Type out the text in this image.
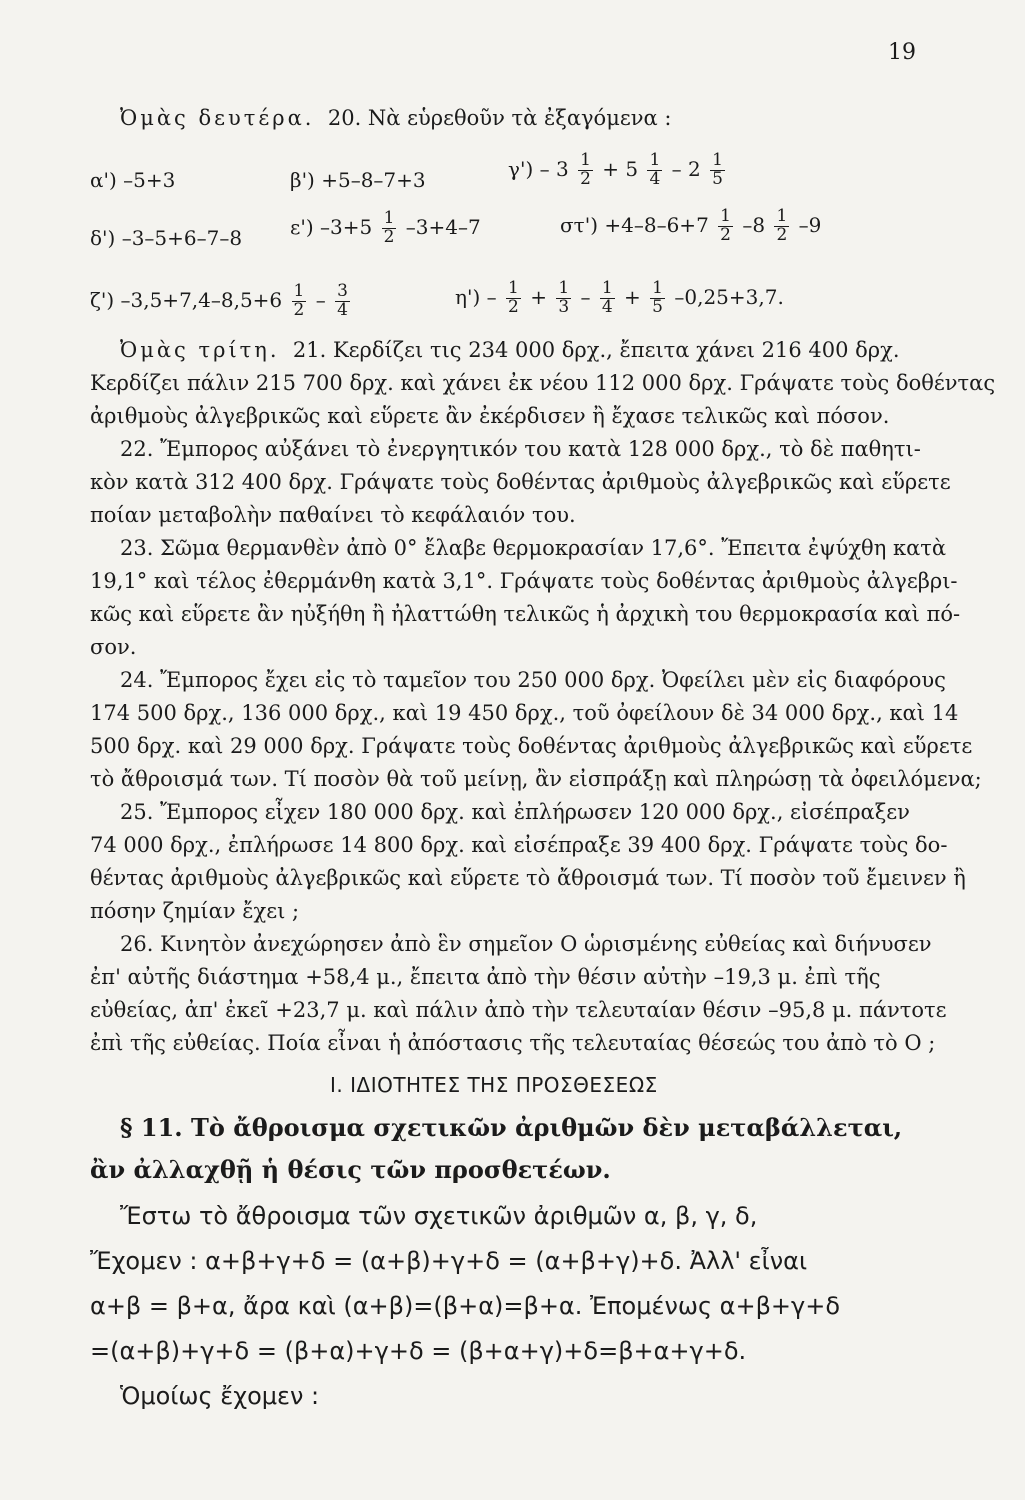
19
Ὀμὰς δευτέρα. 20. Νὰ εὑρεθοῦν τὰ ἐξαγόμενα :
α') –5+3	β') +5–8–7+3	$\gamma') - 3 \frac{1}{2} + 5 \frac{1}{4} - 2 \frac{1}{5}$
δ') –3–5+6–7–8 ε') $-3+5 \frac{1}{2} -3+4-7$	$\sigma\tau') +4-8-6+7 \frac{1}{2} -8 \frac{1}{2} -9$
ζ') $-3,5+7,4-8,5+6 \frac{1}{2} - \frac{3}{4}$	$\eta') - \frac{1}{2} + \frac{1}{3} - \frac{1}{4} + \frac{1}{5} -0,25+3,7$.
Ὀμὰς τρίτη. 21. Κερδίζει τις 234 000 δρχ., ἔπειτα χάνει 216 400 δρχ.
Κερδίζει πάλιν 215 700 δρχ. καὶ χάνει ἐκ νέου 112 000 δρχ. Γράψατε τοὺς δοθέντας
ἀριθμοὺς ἀλγεβρικῶς καὶ εὕρετε ἂν ἐκέρδισεν ἢ ἔχασε τελικῶς καὶ πόσον.
22. Ἔμπορος αὐξάνει τὸ ἐνεργητικόν του κατὰ 128 000 δρχ., τὸ δὲ παθητι-
κὸν κατὰ 312 400 δρχ. Γράψατε τοὺς δοθέντας ἀριθμοὺς ἀλγεβρικῶς καὶ εὕρετε
ποίαν μεταβολὴν παθαίνει τὸ κεφάλαιόν του.
23. Σῶμα θερμανθὲν ἀπὸ 0° ἔλαβε θερμοκρασίαν 17,6°. Ἔπειτα ἐψύχθη κατὰ
19,1° καὶ τέλος ἐθερμάνθη κατὰ 3,1°. Γράψατε τοὺς δοθέντας ἀριθμοὺς ἀλγεβρι-
κῶς καὶ εὕρετε ἂν ηὐξήθη ἢ ἠλαττώθη τελικῶς ἡ ἀρχικὴ του θερμοκρασία καὶ πό-
σον.
24. Ἔμπορος ἔχει εἰς τὸ ταμεῖον του 250 000 δρχ. Ὀφείλει μὲν εἰς διαφόρους
174 500 δρχ., 136 000 δρχ., καὶ 19 450 δρχ., τοῦ ὀφείλουν δὲ 34 000 δρχ., καὶ 14
500 δρχ. καὶ 29 000 δρχ. Γράψατε τοὺς δοθέντας ἀριθμοὺς ἀλγεβρικῶς καὶ εὕρετε
τὸ ἄθροισμά των. Τί ποσὸν θὰ τοῦ μείνῃ, ἂν εἰσπράξῃ καὶ πληρώσῃ τὰ ὀφειλόμενα;
25. Ἔμπορος εἶχεν 180 000 δρχ. καὶ ἐπλήρωσεν 120 000 δρχ., εἰσέπραξεν
74 000 δρχ., ἐπλήρωσε 14 800 δρχ. καὶ εἰσέπραξε 39 400 δρχ. Γράψατε τοὺς δο-
θέντας ἀριθμοὺς ἀλγεβρικῶς καὶ εὕρετε τὸ ἄθροισμά των. Τί ποσὸν τοῦ ἔμεινεν ἢ
πόσην ζημίαν ἔχει ;
26. Κινητὸν ἀνεχώρησεν ἀπὸ ἓν σημεῖον Ο ὡρισμένης εὐθείας καὶ διήνυσεν
ἐπ' αὐτῆς διάστημα +58,4 μ., ἔπειτα ἀπὸ τὴν θέσιν αὐτὴν –19,3 μ. ἐπὶ τῆς
εὐθείας, ἀπ' ἐκεῖ +23,7 μ. καὶ πάλιν ἀπὸ τὴν τελευταίαν θέσιν –95,8 μ. πάντοτε
ἐπὶ τῆς εὐθείας. Ποία εἶναι ἡ ἀπόστασις τῆς τελευταίας θέσεώς του ἀπὸ τὸ Ο ;
I. ΙΔΙΟΤΗΤΕΣ ΤΗΣ ΠΡΟΣΘΕΣΕΩΣ
§ 11. Τὸ ἄθροισμα σχετικῶν ἀριθμῶν δὲν μεταβάλλεται,
ἂν ἀλλαχθῇ ἡ θέσις τῶν προσθετέων.
Ἔστω τὸ ἄθροισμα τῶν σχετικῶν ἀριθμῶν α, β, γ, δ,
Ἔχομεν : α+β+γ+δ = (α+β)+γ+δ = (α+β+γ)+δ. Ἀλλ' εἶναι
α+β = β+α, ἄρα καὶ (α+β)=(β+α)=β+α. Ἐπομένως α+β+γ+δ
=(α+β)+γ+δ = (β+α)+γ+δ = (β+α+γ)+δ=β+α+γ+δ.
Ὁμοίως ἔχομεν :
